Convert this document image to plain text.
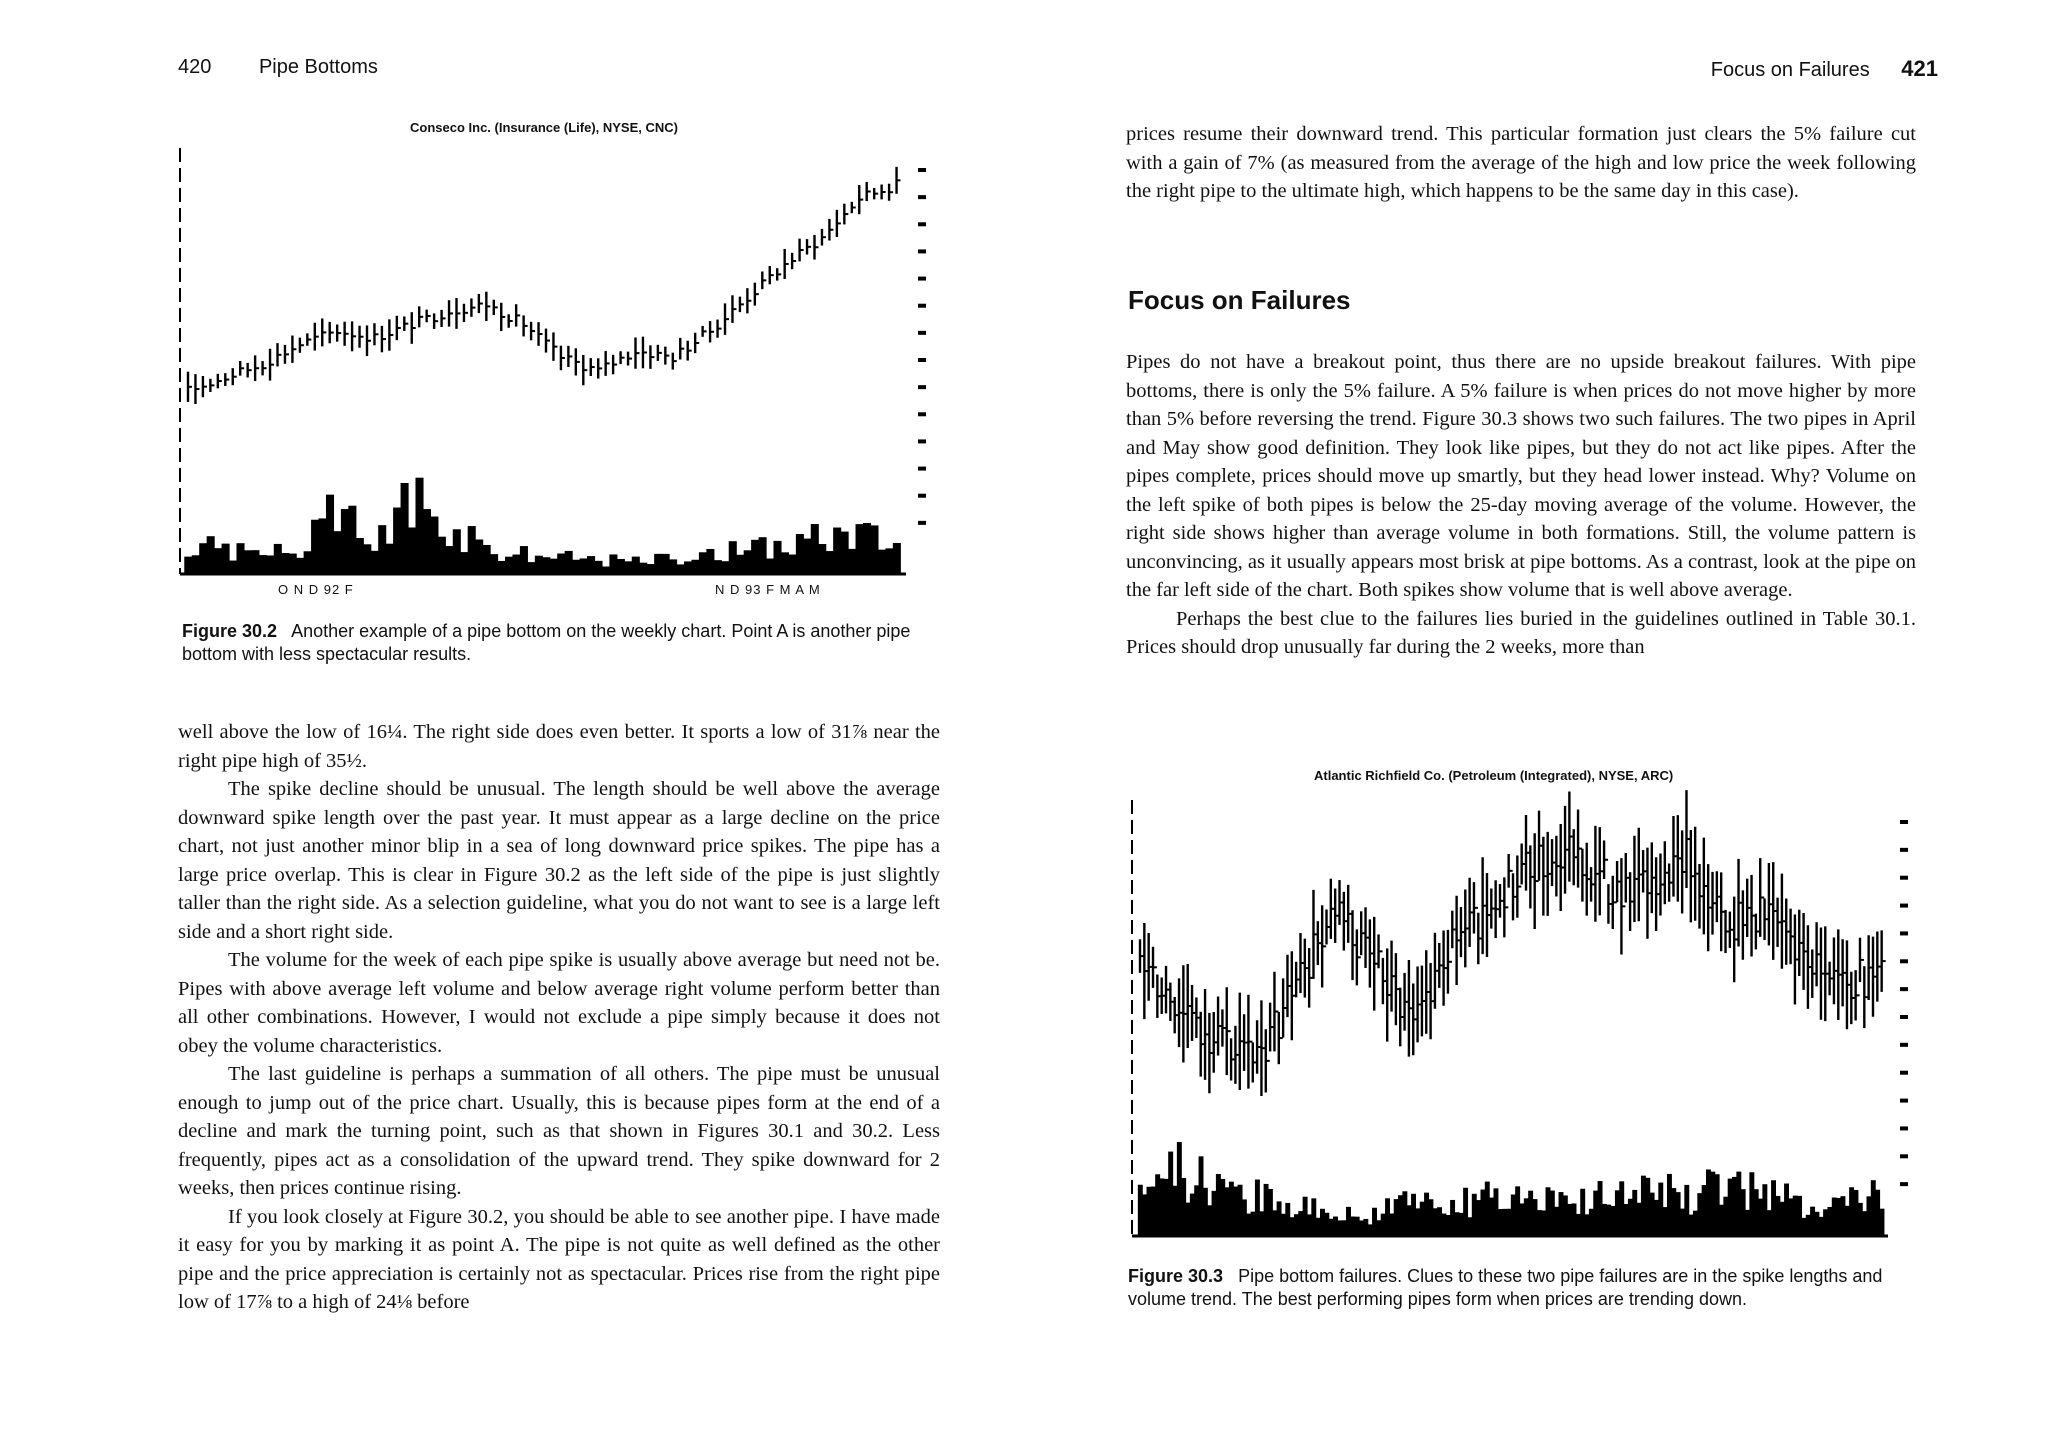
420 Pipe Bottoms
Conseco Inc. (Insurance (Life), NYSE, CNC)
O N D 92 F	N D 93 F M A M
Figure 30.2 Another example of a pipe bottom on the weekly chart. Point A is another pipe bottom with less spectacular results.

well above the low of 16¼. The right side does even better. It sports a low of 31⅞ near the right pipe high of 35½.

The spike decline should be unusual. The length should be well above the average downward spike length over the past year. It must appear as a large decline on the price chart, not just another minor blip in a sea of long downward price spikes. The pipe has a large price overlap. This is clear in Figure 30.2 as the left side of the pipe is just slightly taller than the right side. As a selection guideline, what you do not want to see is a large left side and a short right side.

The volume for the week of each pipe spike is usually above average but need not be. Pipes with above average left volume and below average right volume perform better than all other combinations. However, I would not exclude a pipe simply because it does not obey the volume characteristics.

The last guideline is perhaps a summation of all others. The pipe must be unusual enough to jump out of the price chart. Usually, this is because pipes form at the end of a decline and mark the turning point, such as that shown in Figures 30.1 and 30.2. Less frequently, pipes act as a consolidation of the upward trend. They spike downward for 2 weeks, then prices continue rising.

If you look closely at Figure 30.2, you should be able to see another pipe. I have made it easy for you by marking it as point A. The pipe is not quite as well defined as the other pipe and the price appreciation is certainly not as spectacular. Prices rise from the right pipe low of 17⅞ to a high of 24⅛ before

Focus on Failures 421

prices resume their downward trend. This particular formation just clears the 5% failure cut with a gain of 7% (as measured from the average of the high and low price the week following the right pipe to the ultimate high, which happens to be the same day in this case).

Focus on Failures

Pipes do not have a breakout point, thus there are no upside breakout failures. With pipe bottoms, there is only the 5% failure. A 5% failure is when prices do not move higher by more than 5% before reversing the trend. Figure 30.3 shows two such failures. The two pipes in April and May show good definition. They look like pipes, but they do not act like pipes. After the pipes complete, prices should move up smartly, but they head lower instead. Why? Volume on the left spike of both pipes is below the 25-day moving average of the volume. However, the right side shows higher than average volume in both formations. Still, the volume pattern is unconvincing, as it usually appears most brisk at pipe bottoms. As a contrast, look at the pipe on the far left side of the chart. Both spikes show volume that is well above average.

Perhaps the best clue to the failures lies buried in the guidelines outlined in Table 30.1. Prices should drop unusually far during the 2 weeks, more than

Atlantic Richfield Co. (Petroleum (Integrated), NYSE, ARC)
Figure 30.3 Pipe bottom failures. Clues to these two pipe failures are in the spike lengths and volume trend. The best performing pipes form when prices are trending down.
